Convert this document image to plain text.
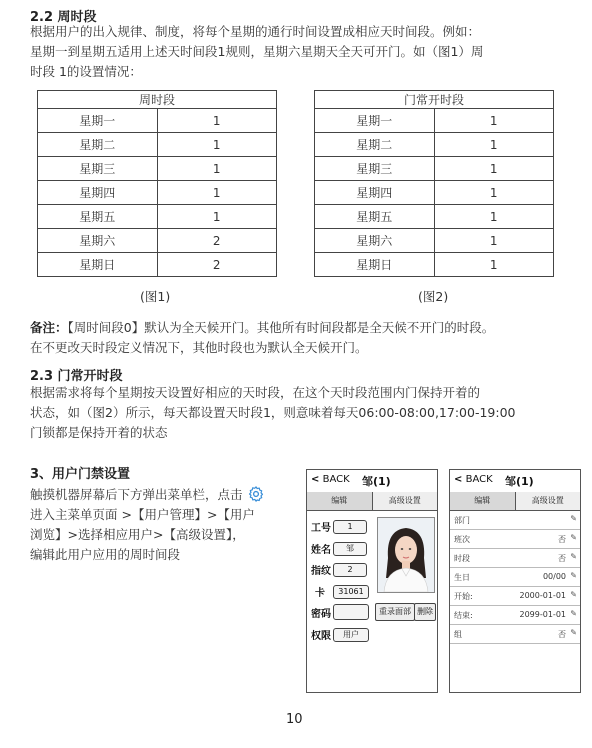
2.2 周时段
根据用户的出入规律、制度，将每个星期的通行时间设置成相应天时间段。例如：
星期一到星期五适用上述天时间段1规则，星期六星期天全天可开门。如（图1）周
时段 1的设置情况：
周时段	
星期一	1
星期二	1
星期三	1
星期四	1
星期五	1
星期六	2
星期日	2
(图1)
门常开时段	
星期一	1
星期二	1
星期三	1
星期四	1
星期五	1
星期六	1
星期日	1
(图2)
备注：【周时间段0】默认为全天候开门。其他所有时间段都是全天候不开门的时段。
在不更改天时段定义情况下，其他时段也为默认全天候开门。
2.3 门常开时段
根据需求将每个星期按天设置好相应的天时段，在这个天时段范围内门保持开着的
状态，如（图2）所示，每天都设置天时段1，则意味着每天06:00-08:00,17:00-19:00
门锁都是保持开着的状态
3、用户门禁设置
触摸机器屏幕后下方弹出菜单栏，点击
进入主菜单页面 >【用户管理】>【用户
浏览】>选择相应用户>【高级设置】，
编辑此用户应用的周时间段
< BACK 邹(1)
编辑	高级设置
工号	1
姓名	邹
指纹	2
卡	31061
密码
权限	用户
重录面部 删除
< BACK 邹(1)
编辑	高级设置
部门	✎
班次	否 ✎
时段	否 ✎
生日	00/00 ✎
开始:	2000-01-01 ✎
结束:	2099-01-01 ✎
组	否 ✎
10
